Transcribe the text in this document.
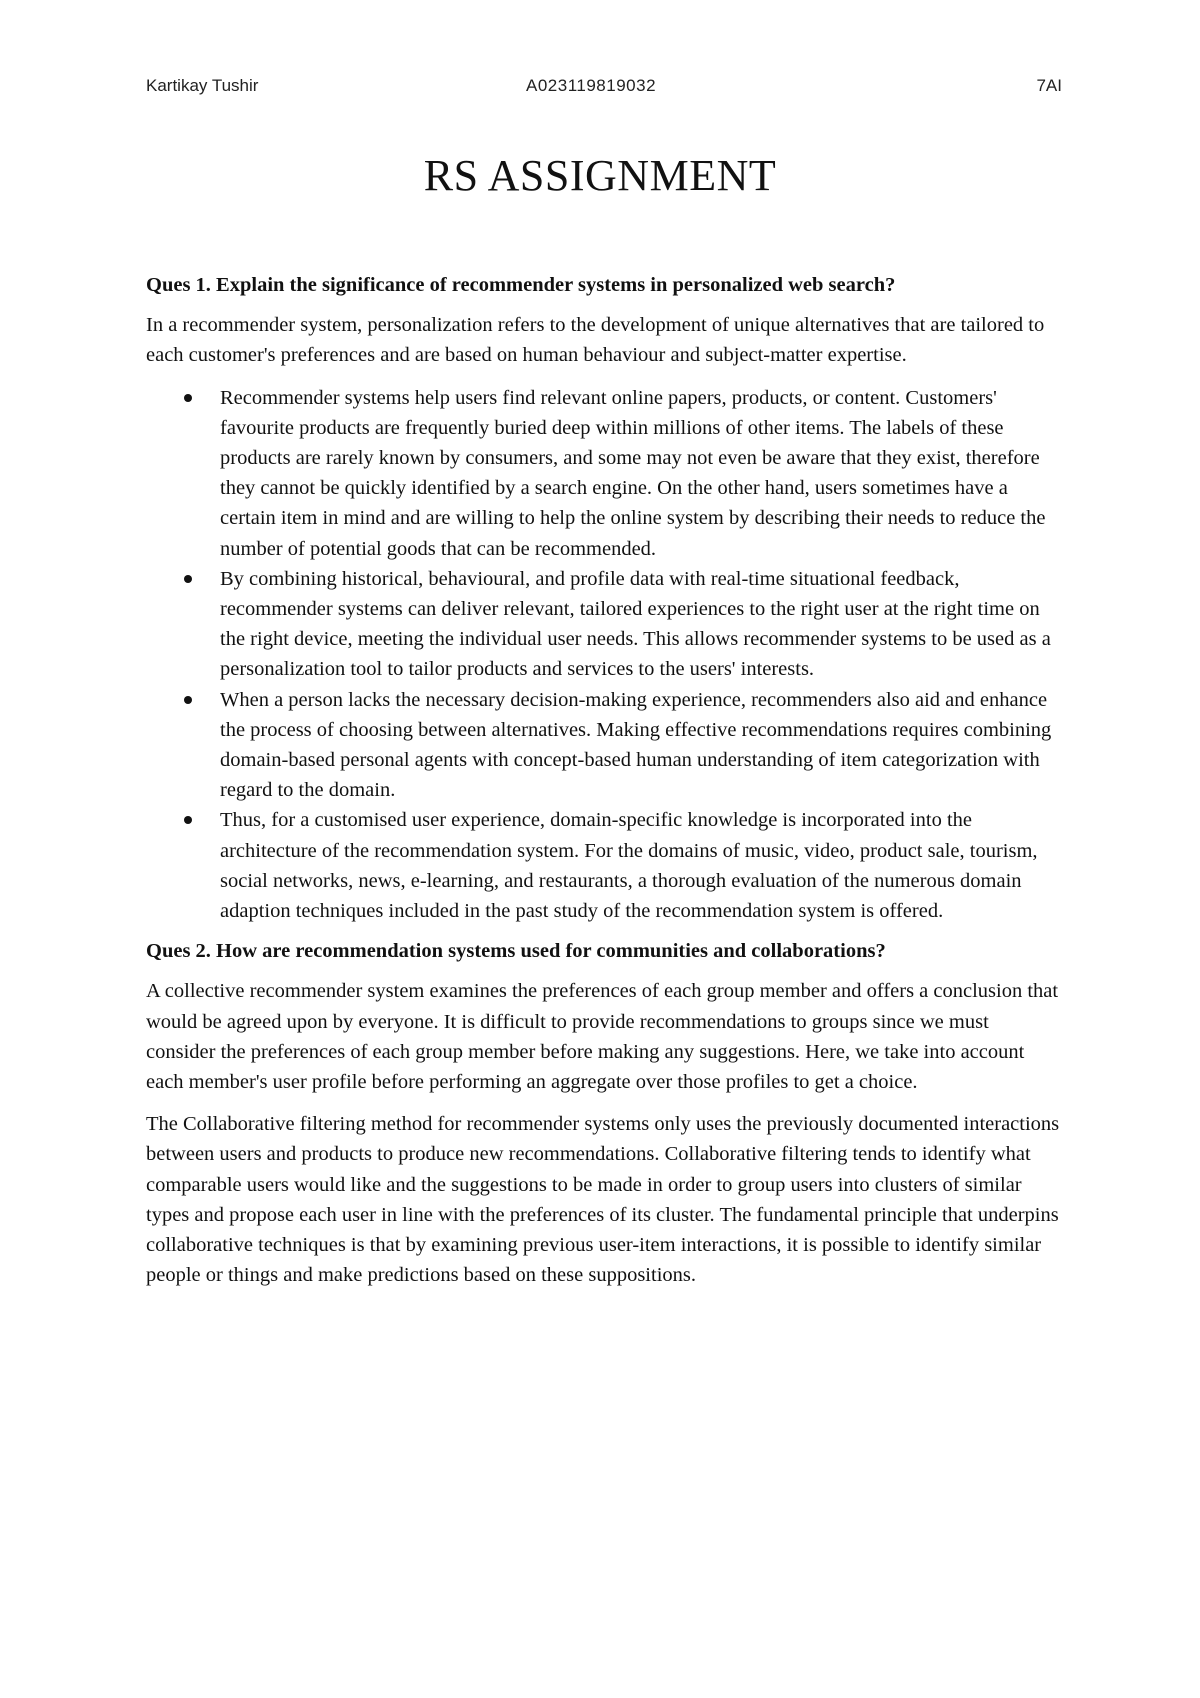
Kartikay Tushir	A023119819032	7AI
RS ASSIGNMENT
Ques 1. Explain the significance of recommender systems in personalized web search?

In a recommender system, personalization refers to the development of unique alternatives that are tailored to each customer's preferences and are based on human behaviour and subject-matter expertise.

Recommender systems help users find relevant online papers, products, or content. Customers' favourite products are frequently buried deep within millions of other items. The labels of these products are rarely known by consumers, and some may not even be aware that they exist, therefore they cannot be quickly identified by a search engine. On the other hand, users sometimes have a certain item in mind and are willing to help the online system by describing their needs to reduce the number of potential goods that can be recommended.
By combining historical, behavioural, and profile data with real-time situational feedback, recommender systems can deliver relevant, tailored experiences to the right user at the right time on the right device, meeting the individual user needs. This allows recommender systems to be used as a personalization tool to tailor products and services to the users' interests.
When a person lacks the necessary decision-making experience, recommenders also aid and enhance the process of choosing between alternatives. Making effective recommendations requires combining domain-based personal agents with concept-based human understanding of item categorization with regard to the domain.
Thus, for a customised user experience, domain-specific knowledge is incorporated into the architecture of the recommendation system. For the domains of music, video, product sale, tourism, social networks, news, e-learning, and restaurants, a thorough evaluation of the numerous domain adaption techniques included in the past study of the recommendation system is offered.
Ques 2. How are recommendation systems used for communities and collaborations?

A collective recommender system examines the preferences of each group member and offers a conclusion that would be agreed upon by everyone. It is difficult to provide recommendations to groups since we must consider the preferences of each group member before making any suggestions. Here, we take into account each member's user profile before performing an aggregate over those profiles to get a choice.

The Collaborative filtering method for recommender systems only uses the previously documented interactions between users and products to produce new recommendations. Collaborative filtering tends to identify what comparable users would like and the suggestions to be made in order to group users into clusters of similar types and propose each user in line with the preferences of its cluster. The fundamental principle that underpins collaborative techniques is that by examining previous user-item interactions, it is possible to identify similar people or things and make predictions based on these suppositions.
